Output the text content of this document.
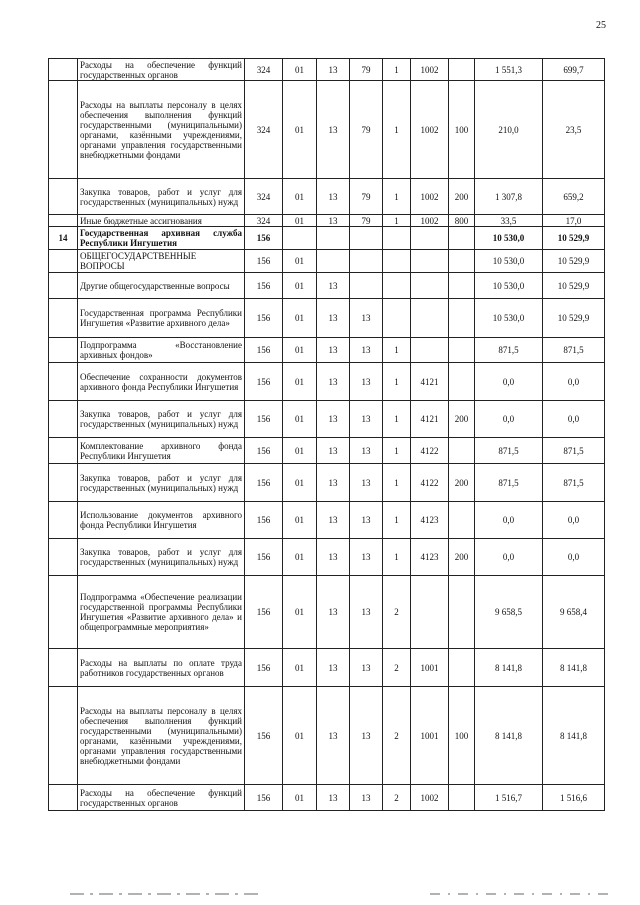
25
	Расходы на обеспечение функций государственных органов	324	01	13	79	1	1002		1 551,3	699,7
	Расходы на выплаты персоналу в целях обеспечения выполнения функций государственными (муниципальными) органами, казёнными учреждениями, органами управления государственными внебюджетными фондами	324	01	13	79	1	1002	100	210,0	23,5
	Закупка товаров, работ и услуг для государственных (муниципальных) нужд	324	01	13	79	1	1002	200	1 307,8	659,2
	Иные бюджетные ассигнования	324	01	13	79	1	1002	800	33,5	17,0
14	Государственная архивная служба Республики Ингушетия	156							10 530,0	10 529,9
	ОБЩЕГОСУДАРСТВЕННЫЕ ВОПРОСЫ	156	01						10 530,0	10 529,9
	Другие общегосударственные вопросы	156	01	13					10 530,0	10 529,9
	Государственная программа Республики Ингушетия «Развитие архивного дела»	156	01	13	13				10 530,0	10 529,9
	Подпрограмма «Восстановление архивных фондов»	156	01	13	13	1			871,5	871,5
	Обеспечение сохранности документов архивного фонда Республики Ингушетия	156	01	13	13	1	4121		0,0	0,0
	Закупка товаров, работ и услуг для государственных (муниципальных) нужд	156	01	13	13	1	4121	200	0,0	0,0
	Комплектование архивного фонда Республики Ингушетия	156	01	13	13	1	4122		871,5	871,5
	Закупка товаров, работ и услуг для государственных (муниципальных) нужд	156	01	13	13	1	4122	200	871,5	871,5
	Использование документов архивного фонда Республики Ингушетия	156	01	13	13	1	4123		0,0	0,0
	Закупка товаров, работ и услуг для государственных (муниципальных) нужд	156	01	13	13	1	4123	200	0,0	0,0
	Подпрограмма «Обеспечение реализации государственной программы Республики Ингушетия «Развитие архивного дела» и общепрограммные мероприятия»	156	01	13	13	2			9 658,5	9 658,4
	Расходы на выплаты по оплате труда работников государственных органов	156	01	13	13	2	1001		8 141,8	8 141,8
	Расходы на выплаты персоналу в целях обеспечения выполнения функций государственными (муниципальными) органами, казёнными учреждениями, органами управления государственными внебюджетными фондами	156	01	13	13	2	1001	100	8 141,8	8 141,8
	Расходы на обеспечение функций государственных органов	156	01	13	13	2	1002		1 516,7	1 516,6
